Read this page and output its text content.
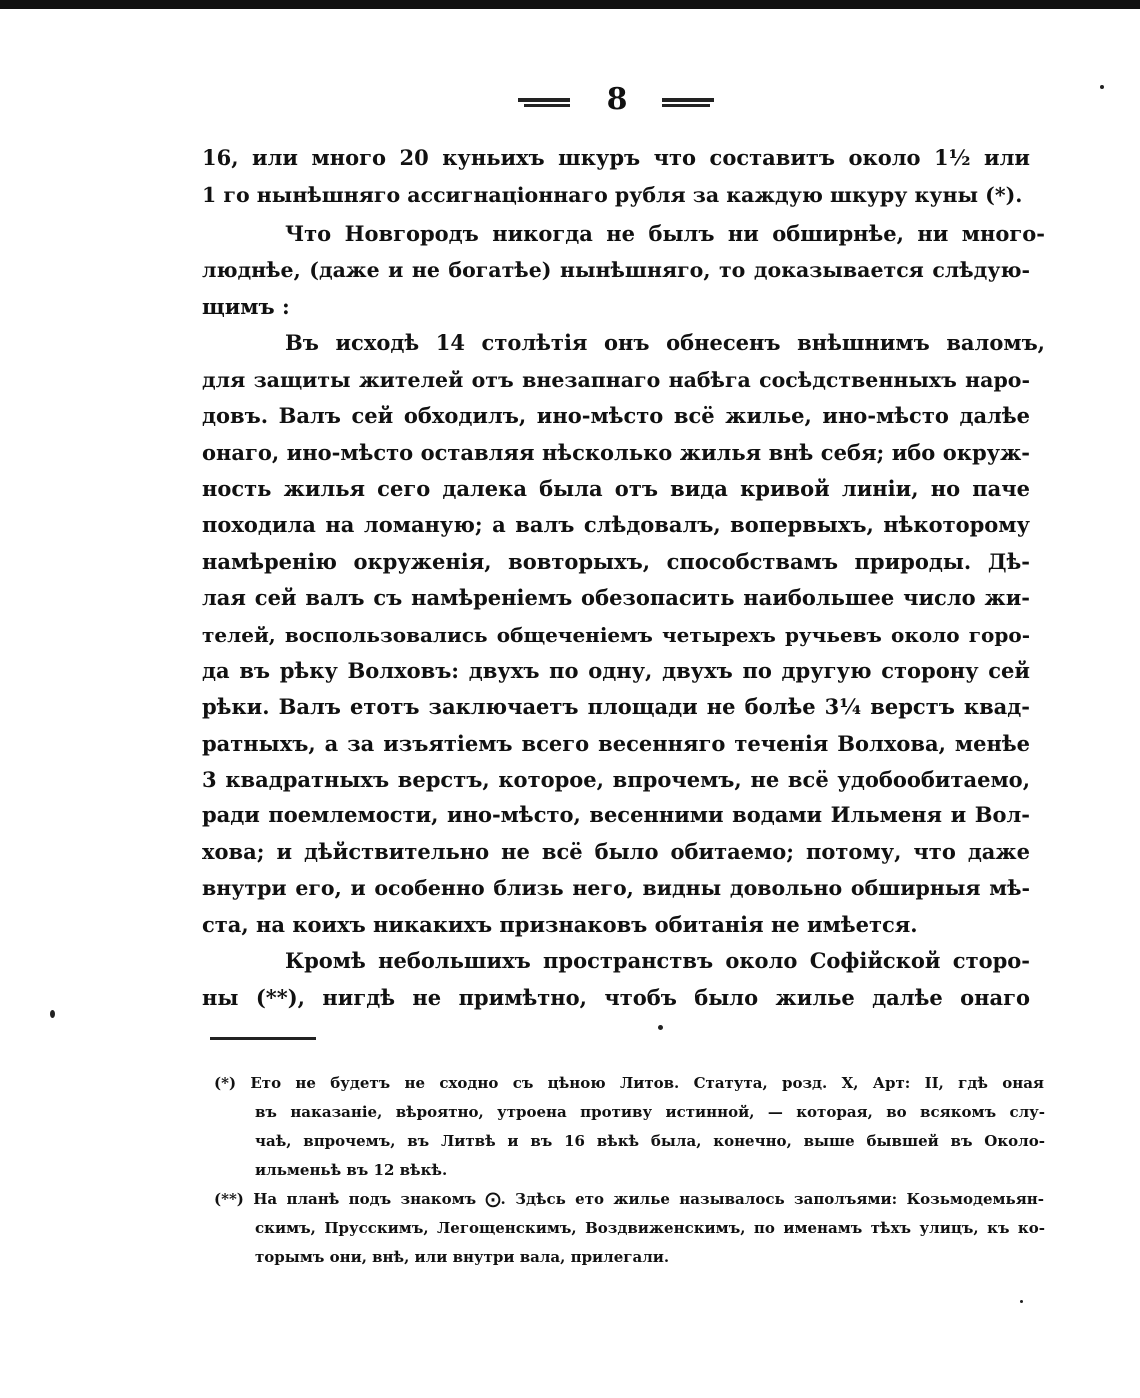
8

16, или много 20 куньихъ шкуръ что составитъ около 1½ или

1 го нынѣшняго ассигнаціоннаго рубля за каждую шкуру куны (*).

Что Новгородъ никогда не былъ ни обширнѣе, ни много-

люднѣе, (даже и не богатѣе) нынѣшняго, то доказывается слѣдую-

щимъ :

Въ исходѣ 14 столѣтія онъ обнесенъ внѣшнимъ валомъ,

для защиты жителей отъ внезапнаго набѣга сосѣдственныхъ наро-

довъ. Валъ сей обходилъ, ино-мѣсто всё жилье, ино-мѣсто далѣе

онаго, ино-мѣсто оставляя нѣсколько жилья внѣ себя; ибо окруж-

ность жилья сего далека была отъ вида кривой линіи, но паче

походила на ломаную; а валъ слѣдовалъ, вопервыхъ, нѣкоторому

намѣренію окруженія, вовторыхъ, способствамъ природы. Дѣ-

лая сей валъ съ намѣреніемъ обезопасить наибольшее число жи-

телей, воспользовались общеченіемъ четырехъ ручьевъ около горо-

да въ рѣку Волховъ: двухъ по одну, двухъ по другую сторону сей

рѣки. Валъ етотъ заключаетъ площади не болѣе 3¼ верстъ квад-

ратныхъ, а за изъятіемъ всего весенняго теченія Волхова, менѣе

3 квадратныхъ верстъ, которое, впрочемъ, не всё удобообитаемо,

ради поемлемости, ино-мѣсто, весенними водами Ильменя и Вол-

хова; и дѣйствительно не всё было обитаемо; потому, что даже

внутри его, и особенно близь него, видны довольно обширныя мѣ-

ста, на коихъ никакихъ признаковъ обитанія не имѣется.

Кромѣ небольшихъ пространствъ около Софійской сторо-

ны (**), нигдѣ не примѣтно, чтобъ было жилье далѣе онаго

(*) Ето не будетъ не сходно съ цѣною Литов. Статута, розд. X, Арт: II, гдѣ оная

въ наказаніе, вѣроятно, утроена противу истинной, — которая, во всякомъ слу-

чаѣ, впрочемъ, въ Литвѣ и въ 16 вѣкѣ была, конечно, выше бывшей въ Около-

ильменьѣ въ 12 вѣкѣ.

(**) На планѣ подъ знакомъ ⨀. Здѣсь ето жилье называлось заполъями: Козьмодемьян-

скимъ, Прусскимъ, Легощенскимъ, Воздвиженскимъ, по именамъ тѣхъ улицъ, къ ко-

торымъ они, внѣ, или внутри вала, прилегали.
